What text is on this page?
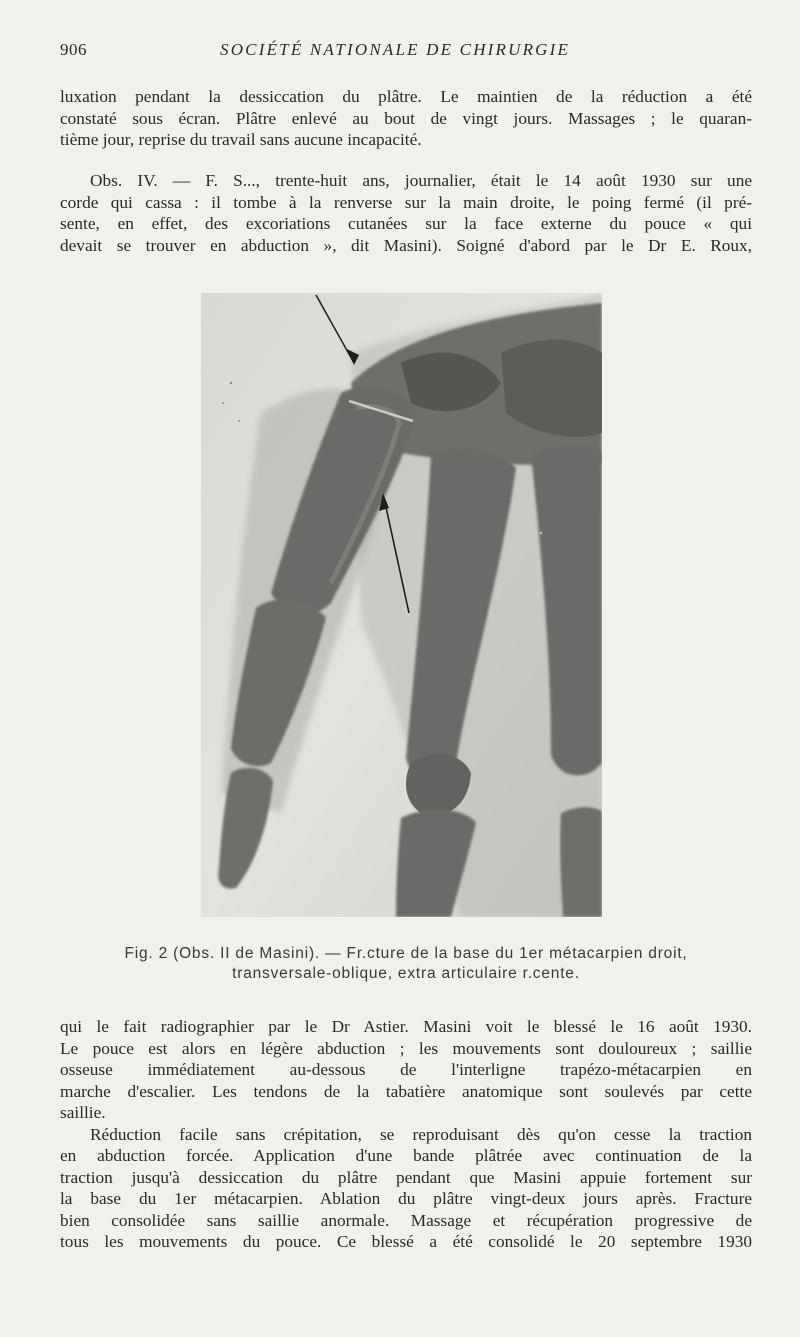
906	SOCIÉTÉ NATIONALE DE CHIRURGIE
luxation pendant la dessiccation du plâtre. Le maintien de la réduction a été
constaté sous écran. Plâtre enlevé au bout de vingt jours. Massages ; le quaran-
tième jour, reprise du travail sans aucune incapacité.
Obs. IV. — F. S..., trente-huit ans, journalier, était le 14 août 1930 sur une
corde qui cassa : il tombe à la renverse sur la main droite, le poing fermé (il pré-
sente, en effet, des excoriations cutanées sur la face externe du pouce « qui
devait se trouver en abduction », dit Masini). Soigné d'abord par le Dr E. Roux,
Fig. 2 (Obs. II de Masini). — Fr.cture de la base du 1er métacarpien droit,
transversale-oblique, extra articulaire r.cente.
qui le fait radiographier par le Dr Astier. Masini voit le blessé le 16 août 1930.
Le pouce est alors en légère abduction ; les mouvements sont douloureux ; saillie
osseuse immédiatement au-dessous de l'interligne trapézo-métacarpien en
marche d'escalier. Les tendons de la tabatière anatomique sont soulevés par cette
saillie.
Réduction facile sans crépitation, se reproduisant dès qu'on cesse la traction
en abduction forcée. Application d'une bande plâtrée avec continuation de la
traction jusqu'à dessiccation du plâtre pendant que Masini appuie fortement sur
la base du 1er métacarpien. Ablation du plâtre vingt-deux jours après. Fracture
bien consolidée sans saillie anormale. Massage et récupération progressive de
tous les mouvements du pouce. Ce blessé a été consolidé le 20 septembre 1930
